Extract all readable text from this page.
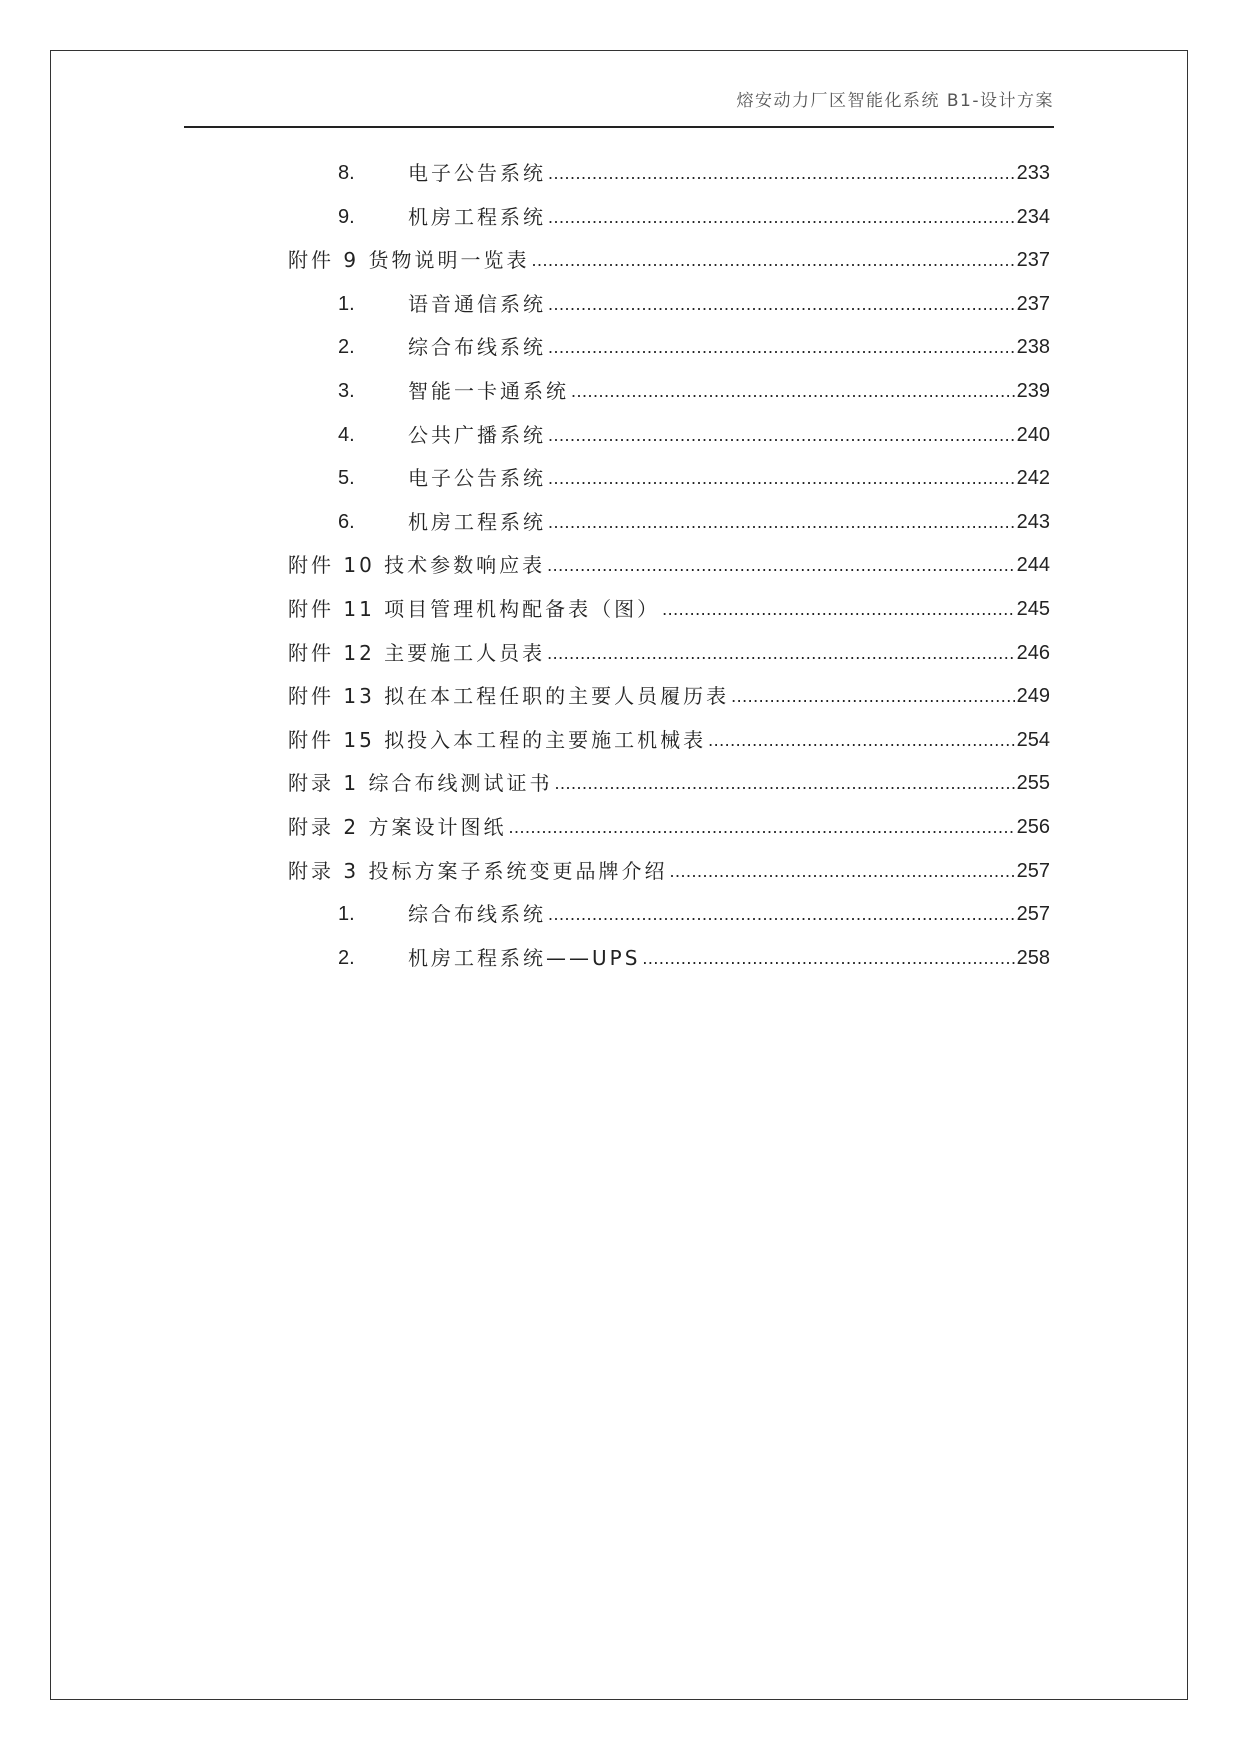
熔安动力厂区智能化系统 B1-设计方案
8.	电子公告系统 .....	233
9.	机房工程系统 .....	234
附件 9 货物说明一览表 .....	237
1.	语音通信系统 .....	237
2.	综合布线系统 .....	238
3.	智能一卡通系统 .....	239
4.	公共广播系统 .....	240
5.	电子公告系统 .....	242
6.	机房工程系统 .....	243
附件 10 技术参数响应表 .....	244
附件 11 项目管理机构配备表（图） .....	245
附件 12 主要施工人员表 .....	246
附件 13 拟在本工程任职的主要人员履历表 .....	249
附件 15 拟投入本工程的主要施工机械表 .....	254
附录 1 综合布线测试证书 .....	255
附录 2 方案设计图纸 .....	256
附录 3 投标方案子系统变更品牌介绍 .....	257
1.	综合布线系统 .....	257
2.	机房工程系统——UPS .....	258
